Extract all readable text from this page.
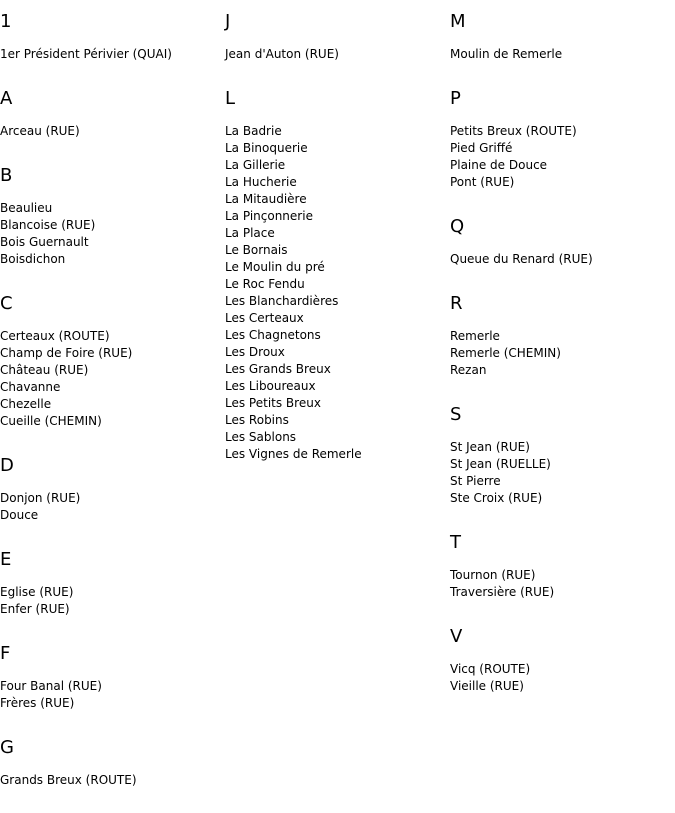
1
1er Président Périvier (QUAI)
A
Arceau (RUE)
B
Beaulieu
Blancoise (RUE)
Bois Guernault
Boisdichon
C
Certeaux (ROUTE)
Champ de Foire (RUE)
Château (RUE)
Chavanne
Chezelle
Cueille (CHEMIN)
D
Donjon (RUE)
Douce
E
Eglise (RUE)
Enfer (RUE)
F
Four Banal (RUE)
Frères (RUE)
G
Grands Breux (ROUTE)
J
Jean d'Auton (RUE)
L
La Badrie
La Binoquerie
La Gillerie
La Hucherie
La Mitaudière
La Pinçonnerie
La Place
Le Bornais
Le Moulin du pré
Le Roc Fendu
Les Blanchardières
Les Certeaux
Les Chagnetons
Les Droux
Les Grands Breux
Les Liboureaux
Les Petits Breux
Les Robins
Les Sablons
Les Vignes de Remerle
M
Moulin de Remerle
P
Petits Breux (ROUTE)
Pied Griffé
Plaine de Douce
Pont (RUE)
Q
Queue du Renard (RUE)
R
Remerle
Remerle (CHEMIN)
Rezan
S
St Jean (RUE)
St Jean (RUELLE)
St Pierre
Ste Croix (RUE)
T
Tournon (RUE)
Traversière (RUE)
V
Vicq (ROUTE)
Vieille (RUE)
